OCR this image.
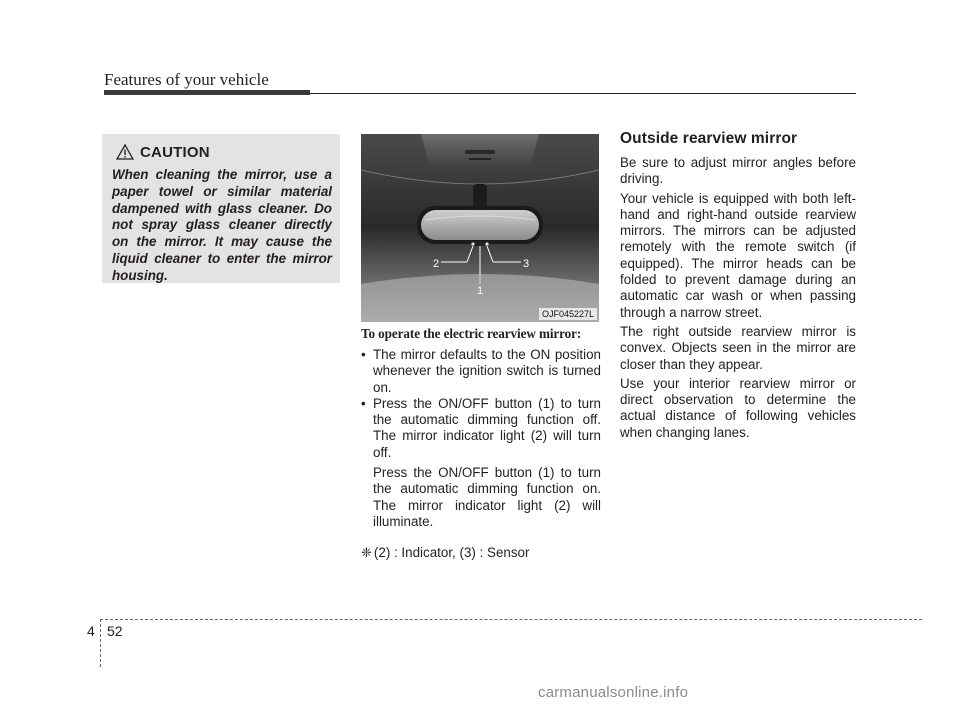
Features of your vehicle
CAUTION
When cleaning the mirror, use a paper towel or similar material dampened with glass cleaner. Do not spray glass cleaner directly on the mirror. It may cause the liquid cleaner to enter the mirror housing.
2	3
1
OJF045227L
To operate the electric rearview mirror:
• The mirror defaults to the ON position whenever the ignition switch is turned on.
• Press the ON/OFF button (1) to turn the automatic dimming function off. The mirror indicator light (2) will turn off.
Press the ON/OFF button (1) to turn the automatic dimming function on. The mirror indicator light (2) will illuminate.
❈ (2) : Indicator, (3) : Sensor
Outside rearview mirror

Be sure to adjust mirror angles before driving.

Your vehicle is equipped with both left-hand and right-hand outside rearview mirrors. The mirrors can be adjusted remotely with the remote switch (if equipped). The mirror heads can be folded to prevent damage during an automatic car wash or when passing through a narrow street.

The right outside rearview mirror is convex. Objects seen in the mirror are closer than they appear.

Use your interior rearview mirror or direct observation to determine the actual distance of following vehicles when changing lanes.

4 52
carmanualsonline.info
